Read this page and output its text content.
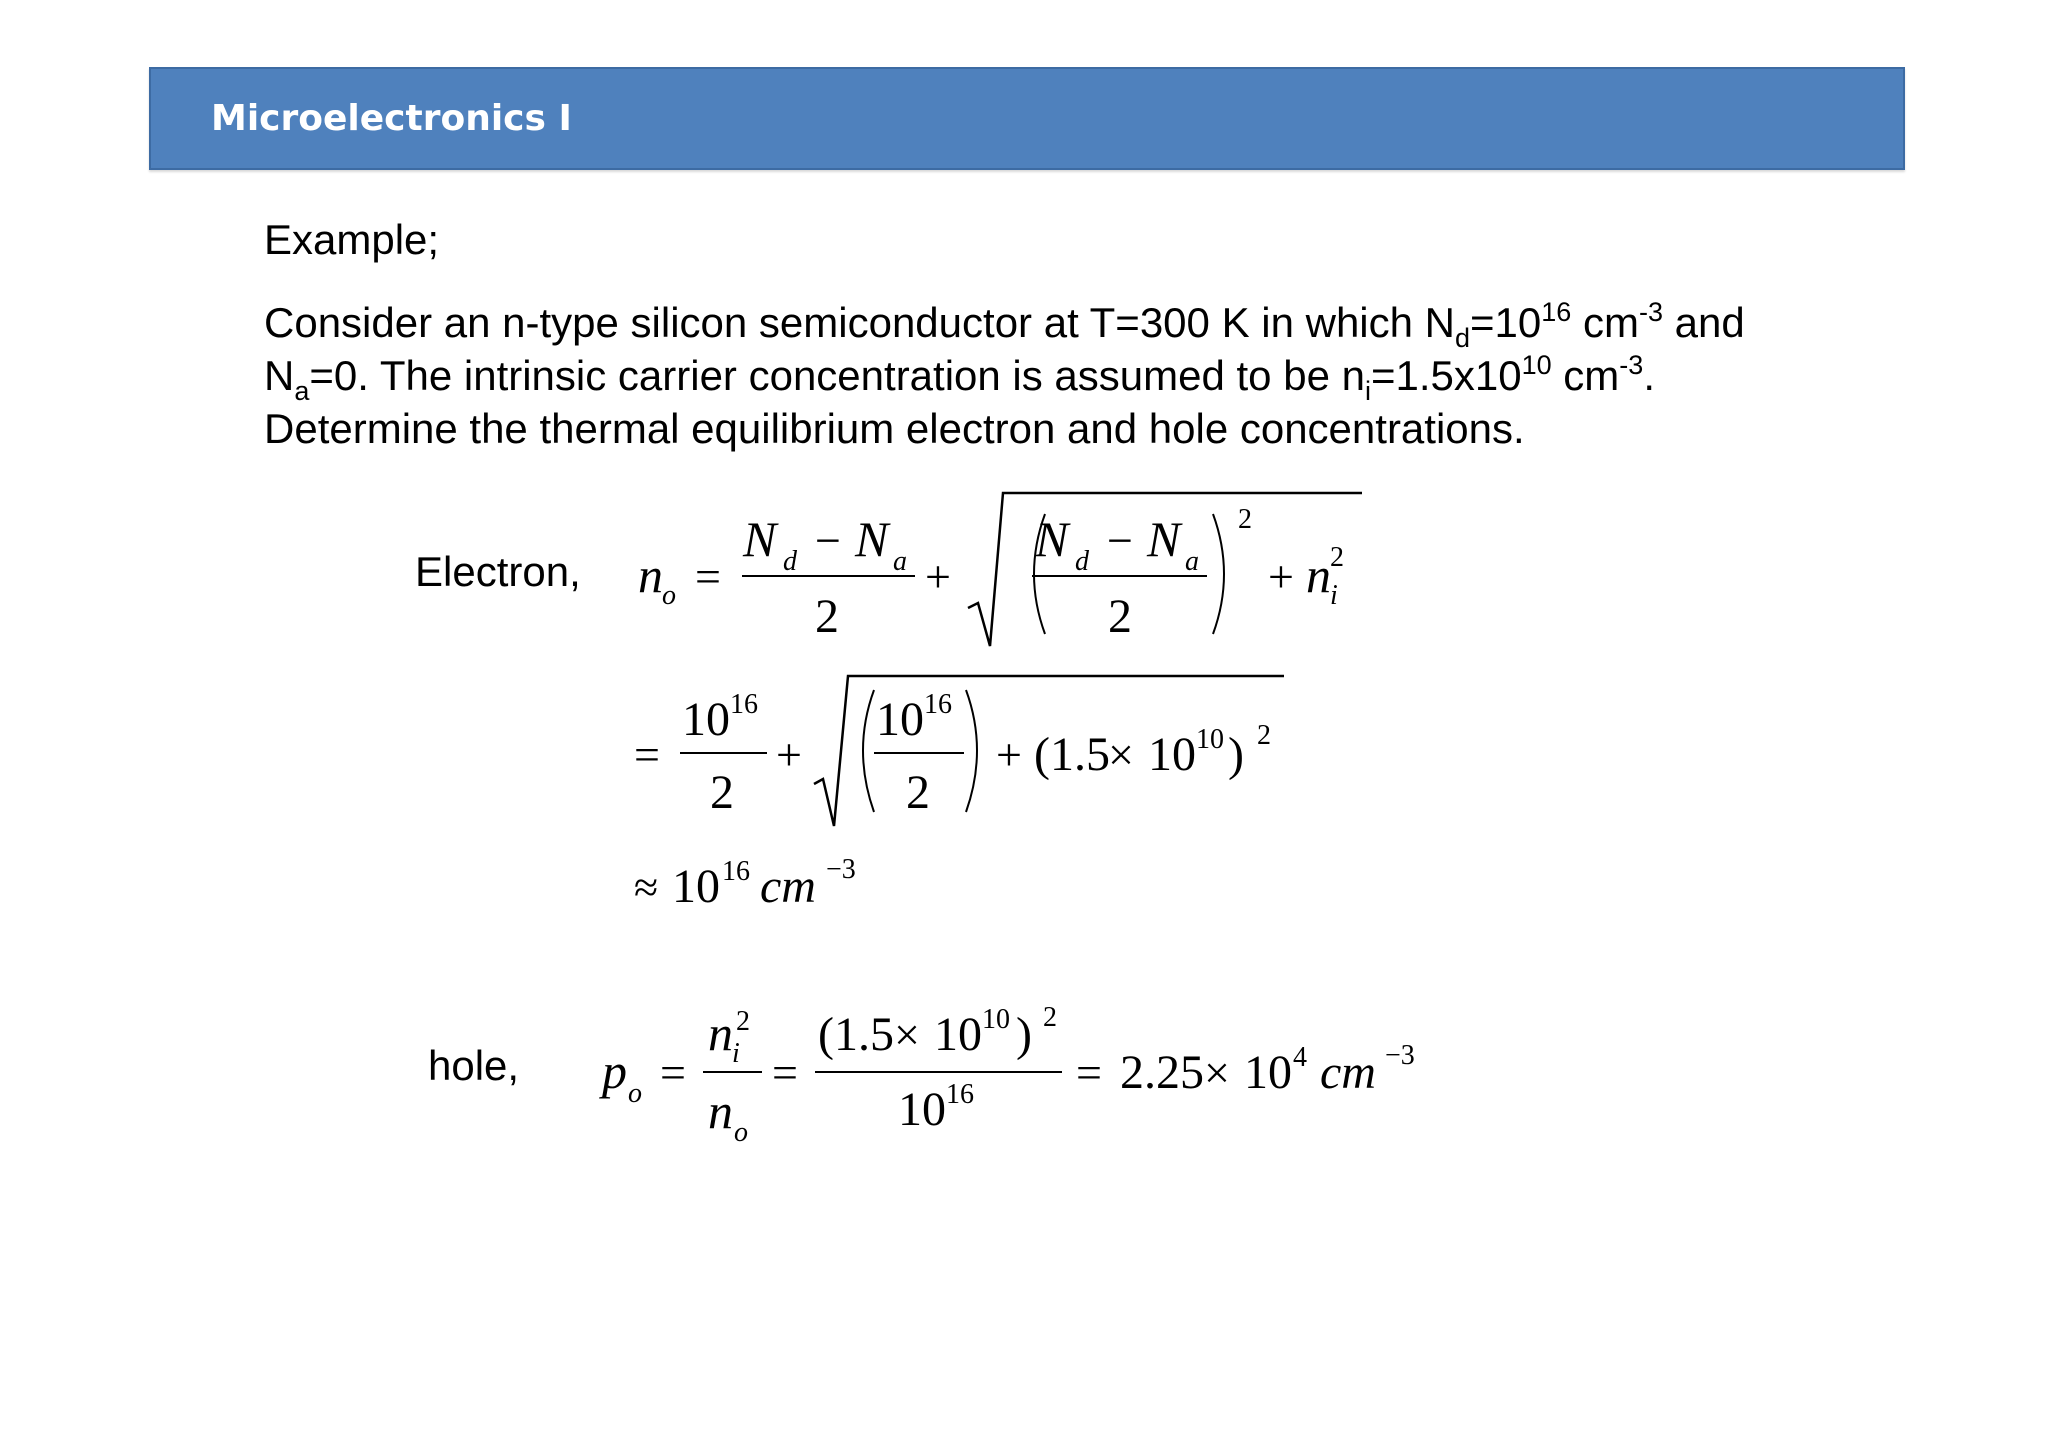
Microelectronics I
Example;
Consider an n-type silicon semiconductor at T=300 K in which $N_d=10^{16}$ $cm^{-3}$ and $N_a=0$. The intrinsic carrier concentration is assumed to be $n_i=1.5x10^{10}$ $cm^{-3}$. Determine the thermal equilibrium electron and hole concentrations.
Electron,
hole,
n o =
N d − N a
2
+
N d − N a
2
2
+ n i
2
=
10 16
2
+
10 16
2
+ (1.5
× 10 10 ) 2
≈ 10 16 cm −3
p o =
n i
2
n o
=
(1.5 × 10 10 ) 2
10 16 = 2.25 × 10 4 cm −3
